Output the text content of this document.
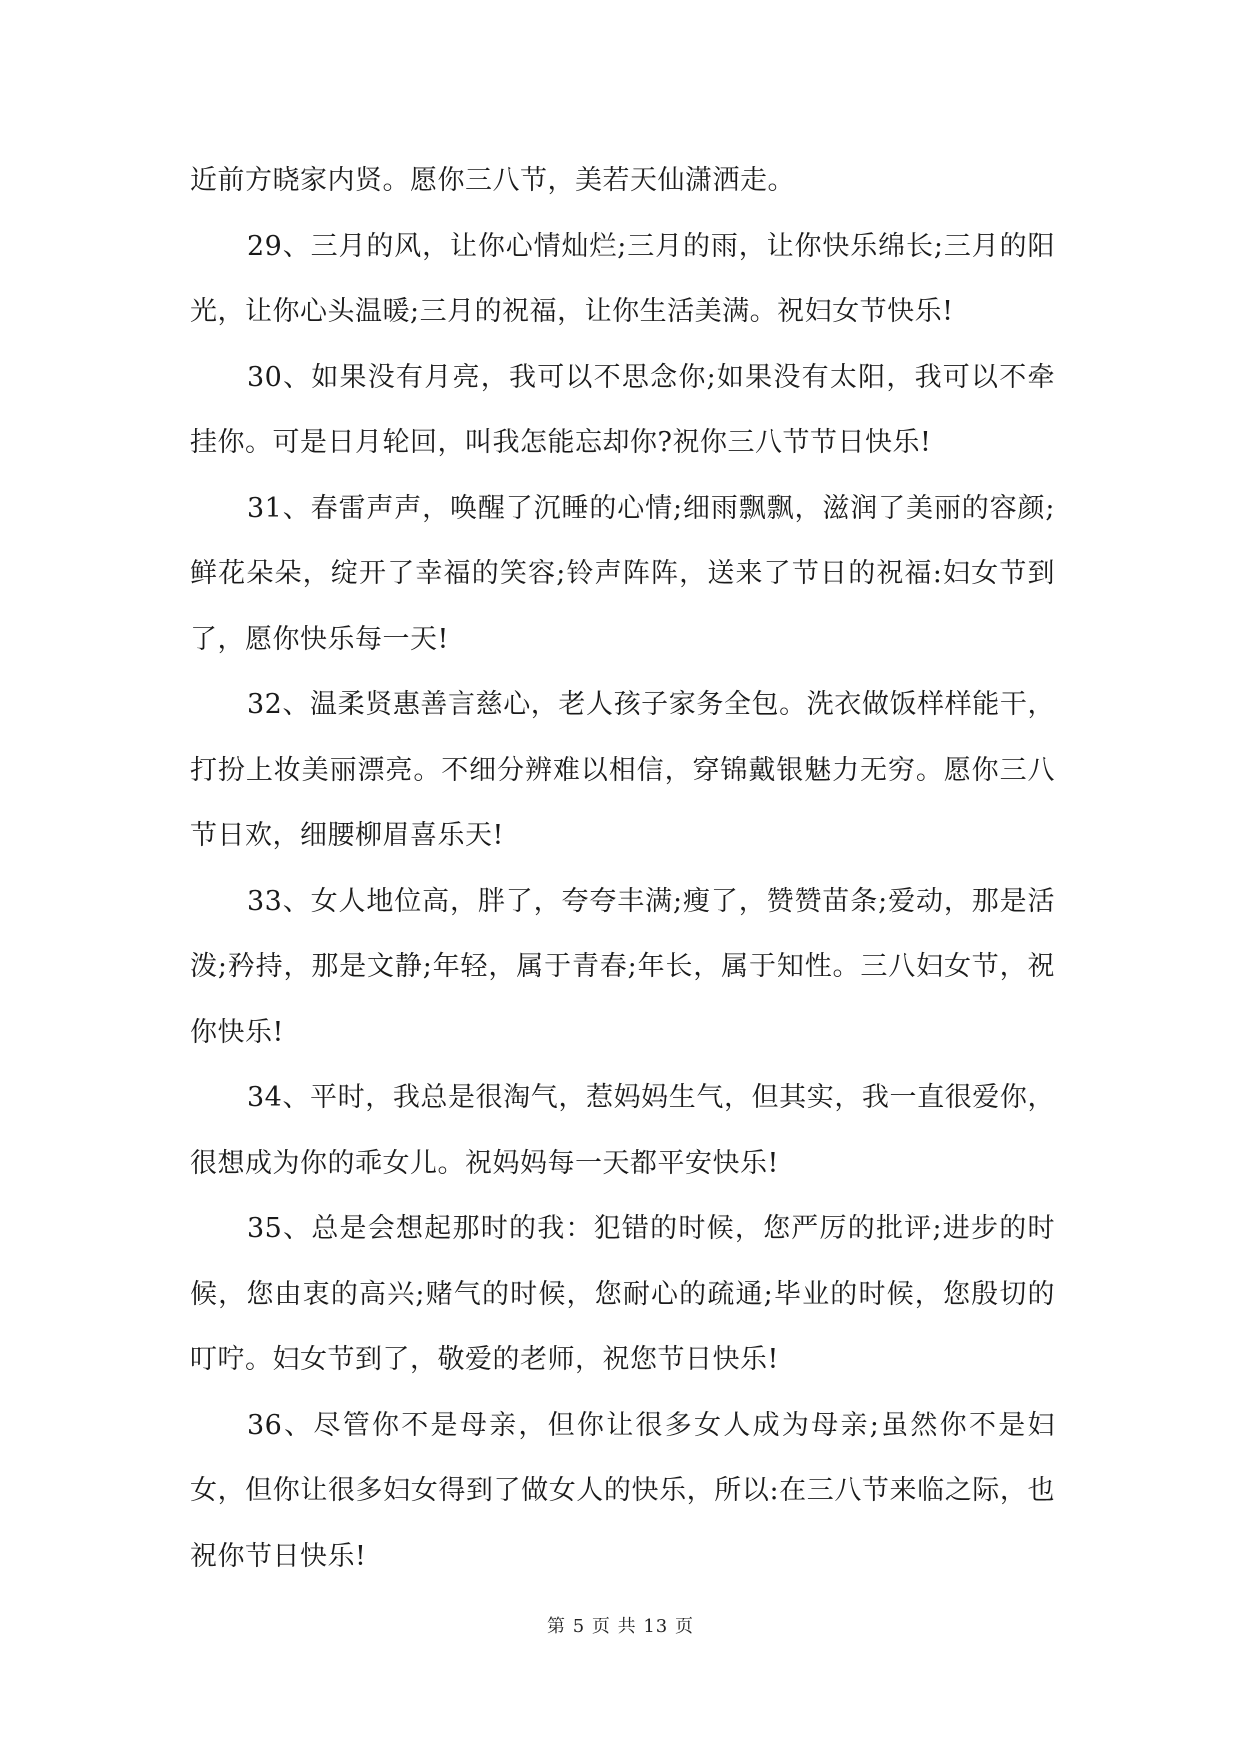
近前方晓家内贤。愿你三八节，美若天仙潇洒走。

29、三月的风，让你心情灿烂;三月的雨，让你快乐绵长;三月的阳光，让你心头温暖;三月的祝福，让你生活美满。祝妇女节快乐!

30、如果没有月亮，我可以不思念你;如果没有太阳，我可以不牵挂你。可是日月轮回，叫我怎能忘却你?祝你三八节节日快乐!

31、春雷声声，唤醒了沉睡的心情;细雨飘飘，滋润了美丽的容颜;鲜花朵朵，绽开了幸福的笑容;铃声阵阵，送来了节日的祝福:妇女节到了，愿你快乐每一天!

32、温柔贤惠善言慈心，老人孩子家务全包。洗衣做饭样样能干，打扮上妆美丽漂亮。不细分辨难以相信，穿锦戴银魅力无穷。愿你三八节日欢，细腰柳眉喜乐天!

33、女人地位高，胖了，夸夸丰满;瘦了，赞赞苗条;爱动，那是活泼;矜持，那是文静;年轻，属于青春;年长，属于知性。三八妇女节，祝你快乐!

34、平时，我总是很淘气，惹妈妈生气，但其实，我一直很爱你，很想成为你的乖女儿。祝妈妈每一天都平安快乐!

35、总是会想起那时的我：犯错的时候，您严厉的批评;进步的时候，您由衷的高兴;赌气的时候，您耐心的疏通;毕业的时候，您殷切的叮咛。妇女节到了，敬爱的老师，祝您节日快乐!

36、尽管你不是母亲，但你让很多女人成为母亲;虽然你不是妇女，但你让很多妇女得到了做女人的快乐，所以:在三八节来临之际，也祝你节日快乐!

第 5 页 共 13 页
